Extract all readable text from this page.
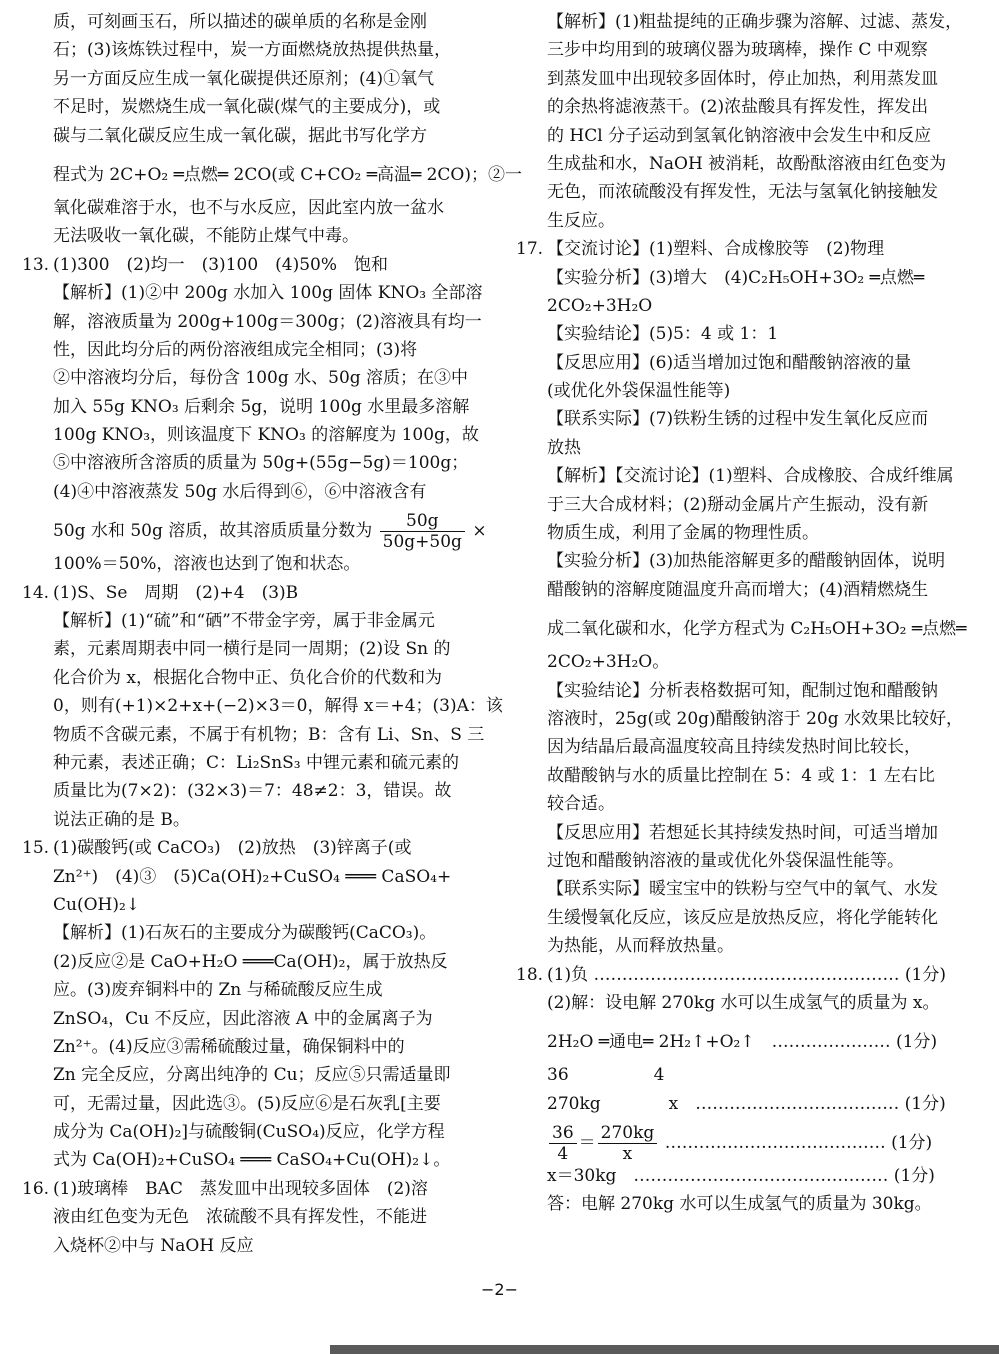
质，可刻画玉石，所以描述的碳单质的名称是金刚
石；(3)该炼铁过程中，炭一方面燃烧放热提供热量，
另一方面反应生成一氧化碳提供还原剂；(4)①氧气
不足时，炭燃烧生成一氧化碳(煤气的主要成分)，或
碳与二氧化碳反应生成一氧化碳，据此书写化学方
程式为 2C+O₂ ═点燃═ 2CO(或 C+CO₂ ═高温═ 2CO)；②一
氧化碳难溶于水，也不与水反应，因此室内放一盆水
无法吸收一氧化碳，不能防止煤气中毒。
13. (1)300　(2)均一　(3)100　(4)50%　饱和
【解析】(1)②中 200g 水加入 100g 固体 KNO₃ 全部溶
解，溶液质量为 200g+100g＝300g；(2)溶液具有均一
性，因此均分后的两份溶液组成完全相同；(3)将
②中溶液均分后，每份含 100g 水、50g 溶质；在③中
加入 55g KNO₃ 后剩余 5g，说明 100g 水里最多溶解
100g KNO₃，则该温度下 KNO₃ 的溶解度为 100g，故
⑤中溶液所含溶质的质量为 50g+(55g−5g)＝100g；
(4)④中溶液蒸发 50g 水后得到⑥，⑥中溶液含有
50g 水和 50g 溶质，故其溶质质量分数为 $\frac{50g}{50g+50g}$ ×
100%＝50%，溶液也达到了饱和状态。
14. (1)S、Se　周期　(2)+4　(3)B
【解析】(1)“硫”和“硒”不带金字旁，属于非金属元
素，元素周期表中同一横行是同一周期；(2)设 Sn 的
化合价为 x，根据化合物中正、负化合价的代数和为
0，则有(+1)×2+x+(−2)×3＝0，解得 x＝+4；(3)A：该
物质不含碳元素，不属于有机物；B：含有 Li、Sn、S 三
种元素，表述正确；C：Li₂SnS₃ 中锂元素和硫元素的
质量比为(7×2)：(32×3)＝7：48≠2：3，错误。故
说法正确的是 B。
15. (1)碳酸钙(或 CaCO₃)　(2)放热　(3)锌离子(或
Zn²⁺)　(4)③　(5)Ca(OH)₂+CuSO₄ ═══ CaSO₄+
Cu(OH)₂↓
【解析】(1)石灰石的主要成分为碳酸钙(CaCO₃)。
(2)反应②是 CaO+H₂O ═══Ca(OH)₂，属于放热反
应。(3)废弃铜料中的 Zn 与稀硫酸反应生成
ZnSO₄，Cu 不反应，因此溶液 A 中的金属离子为
Zn²⁺。(4)反应③需稀硫酸过量，确保铜料中的
Zn 完全反应，分离出纯净的 Cu；反应⑤只需适量即
可，无需过量，因此选③。(5)反应⑥是石灰乳[主要
成分为 Ca(OH)₂]与硫酸铜(CuSO₄)反应，化学方程
式为 Ca(OH)₂+CuSO₄ ═══ CaSO₄+Cu(OH)₂↓。
16. (1)玻璃棒　BAC　蒸发皿中出现较多固体　(2)溶
液由红色变为无色　浓硫酸不具有挥发性，不能进
入烧杯②中与 NaOH 反应
【解析】(1)粗盐提纯的正确步骤为溶解、过滤、蒸发，
三步中均用到的玻璃仪器为玻璃棒，操作 C 中观察
到蒸发皿中出现较多固体时，停止加热，利用蒸发皿
的余热将滤液蒸干。(2)浓盐酸具有挥发性，挥发出
的 HCl 分子运动到氢氧化钠溶液中会发生中和反应
生成盐和水，NaOH 被消耗，故酚酞溶液由红色变为
无色，而浓硫酸没有挥发性，无法与氢氧化钠接触发
生反应。
17. 【交流讨论】(1)塑料、合成橡胶等　(2)物理
【实验分析】(3)增大　(4)C₂H₅OH+3O₂ ═点燃═
2CO₂+3H₂O
【实验结论】(5)5：4 或 1：1
【反思应用】(6)适当增加过饱和醋酸钠溶液的量
(或优化外袋保温性能等)
【联系实际】(7)铁粉生锈的过程中发生氧化反应而
放热
【解析】【交流讨论】(1)塑料、合成橡胶、合成纤维属
于三大合成材料；(2)掰动金属片产生振动，没有新
物质生成，利用了金属的物理性质。
【实验分析】(3)加热能溶解更多的醋酸钠固体，说明
醋酸钠的溶解度随温度升高而增大；(4)酒精燃烧生
成二氧化碳和水，化学方程式为 C₂H₅OH+3O₂ ═点燃═
2CO₂+3H₂O。
【实验结论】分析表格数据可知，配制过饱和醋酸钠
溶液时，25g(或 20g)醋酸钠溶于 20g 水效果比较好，
因为结晶后最高温度较高且持续发热时间比较长，
故醋酸钠与水的质量比控制在 5：4 或 1：1 左右比
较合适。
【反思应用】若想延长其持续发热时间，可适当增加
过饱和醋酸钠溶液的量或优化外袋保温性能等。
【联系实际】暖宝宝中的铁粉与空气中的氧气、水发
生缓慢氧化反应，该反应是放热反应，将化学能转化
为热能，从而释放热量。
18. (1)负 ……………………………………………… (1分)
(2)解：设电解 270kg 水可以生成氢气的质量为 x。
2H₂O ═通电═ 2H₂↑+O₂↑　………………… (1分)
36　　　　　4
270kg　　　　x　……………………………… (1分)
$\frac{36}{4} = \frac{270kg}{x}$ ………………………………… (1分)
x＝30kg　……………………………………… (1分)
答：电解 270kg 水可以生成氢气的质量为 30kg。
−2−
